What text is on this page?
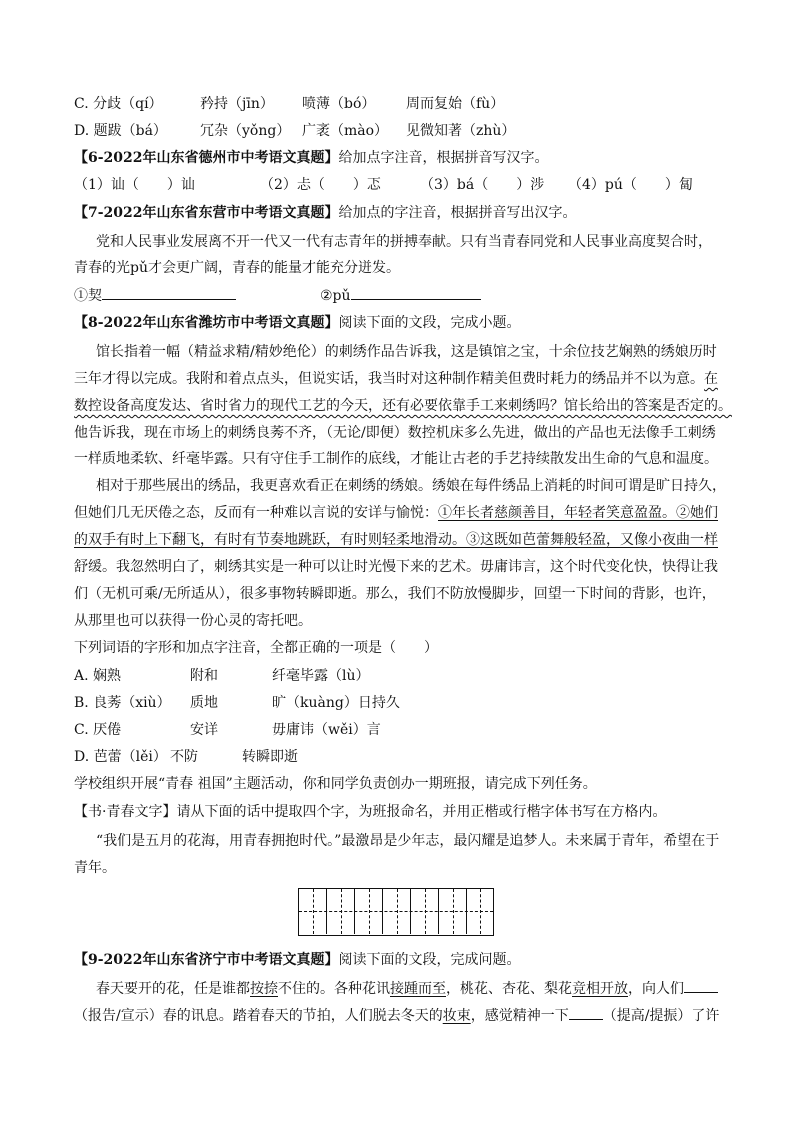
C. 分歧（qí）	矜持（jīn） 喷薄（bó） 周而复始（fù）
D. 题跋（bá） 冗杂（yǒng） 广袤（mào） 见微知著（zhù）
【6-2022年山东省德州市中考语文真题】给加点字注音，根据拼音写汉字。
（1）讪（　　）讪	（2）忐（　　）忑	（3）bá（　　）涉 （4）pú（　　）匐
【7-2022年山东省东营市中考语文真题】给加点的字注音，根据拼音写出汉字。
党和人民事业发展离不开一代又一代有志青年的拼搏奉献。只有当青春同党和人民事业高度契合时，
青春的光pǔ才会更广阔，青春的能量才能充分迸发。
①契	②pǔ
【8-2022年山东省潍坊市中考语文真题】阅读下面的文段，完成小题。
馆长指着一幅（精益求精/精妙绝伦）的刺绣作品告诉我，这是镇馆之宝，十余位技艺娴熟的绣娘历时
三年才得以完成。我附和着点点头，但说实话，我当时对这种制作精美但费时耗力的绣品并不以为意。在
数控设备高度发达、省时省力的现代工艺的今天，还有必要依靠手工来刺绣吗？馆长给出的答案是否定的。
他告诉我，现在市场上的刺绣良莠不齐，（无论/即便）数控机床多么先进，做出的产品也无法像手工刺绣
一样质地柔软、纤毫毕露。只有守住手工制作的底线，才能让古老的手艺持续散发出生命的气息和温度。
相对于那些展出的绣品，我更喜欢看正在刺绣的绣娘。绣娘在每件绣品上消耗的时间可谓是旷日持久，
但她们几无厌倦之态，反而有一种难以言说的安详与愉悦：①年长者慈颜善目，年轻者笑意盈盈。②她们
的双手有时上下翻飞，有时有节奏地跳跃，有时则轻柔地滑动。③这既如芭蕾舞般轻盈，又像小夜曲一样
舒缓。我忽然明白了，刺绣其实是一种可以让时光慢下来的艺术。毋庸讳言，这个时代变化快，快得让我
们（无机可乘/无所适从），很多事物转瞬即逝。那么，我们不防放慢脚步，回望一下时间的背影，也许，
从那里也可以获得一份心灵的寄托吧。
下列词语的字形和加点字注音，全都正确的一项是（　　）
A. 娴熟	附和	纤毫毕露（lù）
B. 良莠（xiù） 质地	旷（kuàng）日持久
C. 厌倦	安详	毋庸讳（wěi）言
D. 芭蕾（lěi） 不防	转瞬即逝
学校组织开展“青春 祖国”主题活动，你和同学负责创办一期班报，请完成下列任务。
【书·青春文字】请从下面的话中提取四个字，为班报命名，并用正楷或行楷字体书写在方格内。
“我们是五月的花海，用青春拥抱时代。”最激昂是少年志，最闪耀是追梦人。未来属于青年，希望在于
青年。
【9-2022年山东省济宁市中考语文真题】阅读下面的文段，完成问题。
春天要开的花，任是谁都按捺不住的。各种花讯接踵而至，桃花、杏花、梨花竞相开放，向人们
（报告/宣示）春的讯息。踏着春天的节拍，人们脱去冬天的妆束，感觉精神一下 （提高/提振）了许
